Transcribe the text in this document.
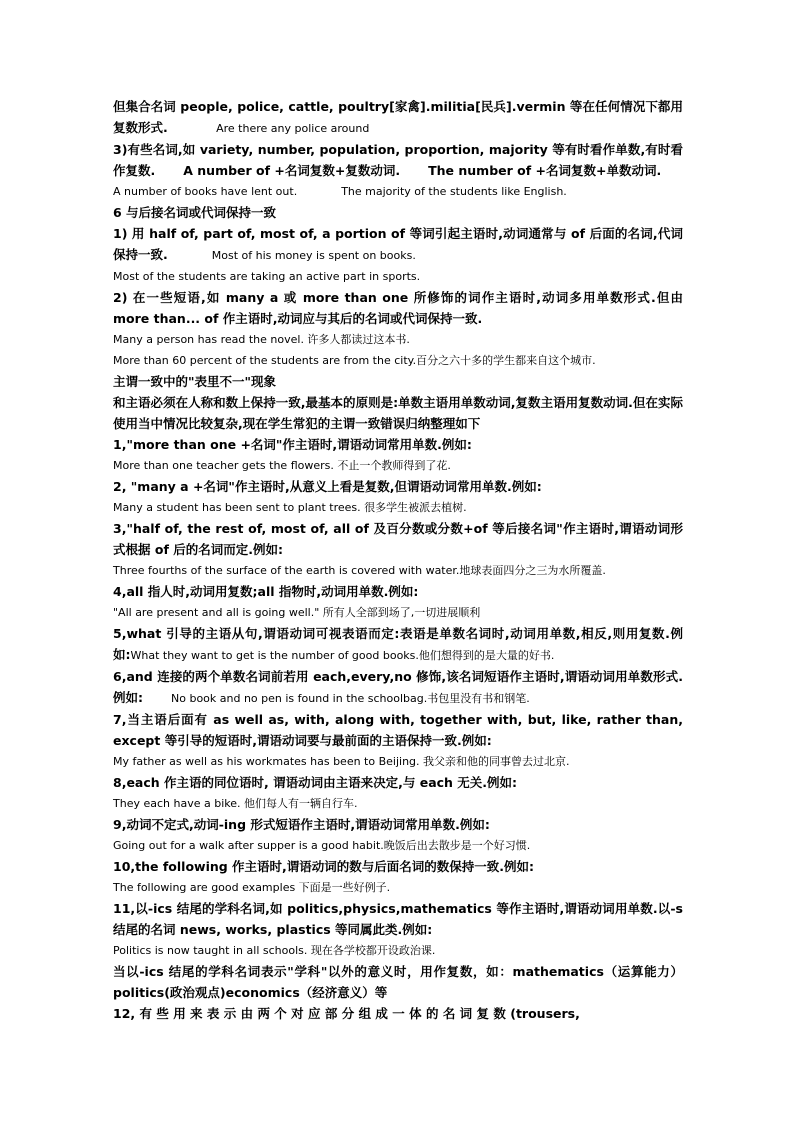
但集合名词 people, police, cattle, poultry[家禽].militia[民兵].vermin 等在任何情况下都用复数形式.	Are there any police around

3)有些名词,如 variety, number, population, proportion, majority 等有时看作单数,有时看作复数. A number of +名词复数+复数动词. The number of +名词复数+单数动词.

A number of books have lent out.	The majority of the students like English.

6 与后接名词或代词保持一致

1) 用 half of, part of, most of, a portion of 等词引起主语时,动词通常与 of 后面的名词,代词保持一致.	Most of his money is spent on books.

Most of the students are taking an active part in sports.

2) 在一些短语,如 many a 或 more than one 所修饰的词作主语时,动词多用单数形式.但由 more than... of 作主语时,动词应与其后的名词或代词保持一致.

Many a person has read the novel. 许多人都读过这本书.

More than 60 percent of the students are from the city.百分之六十多的学生都来自这个城市.

主谓一致中的"表里不一"现象

和主语必须在人称和数上保持一致,最基本的原则是:单数主语用单数动词,复数主语用复数动词.但在实际使用当中情况比较复杂,现在学生常犯的主谓一致错误归纳整理如下

1,"more than one +名词"作主语时,谓语动词常用单数.例如:

More than one teacher gets the flowers. 不止一个教师得到了花.

2, "many a +名词"作主语时,从意义上看是复数,但谓语动词常用单数.例如:

Many a student has been sent to plant trees. 很多学生被派去植树.

3,"half of, the rest of, most of, all of 及百分数或分数+of 等后接名词"作主语时,谓语动词形式根据 of 后的名词而定.例如:

Three fourths of the surface of the earth is covered with water.地球表面四分之三为水所覆盖.

4,all 指人时,动词用复数;all 指物时,动词用单数.例如:

"All are present and all is going well." 所有人全部到场了,一切进展顺利

5,what 引导的主语从句,谓语动词可视表语而定:表语是单数名词时,动词用单数,相反,则用复数.例如:What they want to get is the number of good books.他们想得到的是大量的好书.

6,and 连接的两个单数名词前若用 each,every,no 修饰,该名词短语作主语时,谓语动词用单数形式.例如:	No book and no pen is found in the schoolbag.书包里没有书和钢笔.

7,当主语后面有 as well as, with, along with, together with, but, like, rather than, except 等引导的短语时,谓语动词要与最前面的主语保持一致.例如:

My father as well as his workmates has been to Beijing. 我父亲和他的同事曾去过北京.

8,each 作主语的同位语时, 谓语动词由主语来决定,与 each 无关.例如:

They each have a bike. 他们每人有一辆自行车.

9,动词不定式,动词-ing 形式短语作主语时,谓语动词常用单数.例如:

Going out for a walk after supper is a good habit.晚饭后出去散步是一个好习惯.

10,the following 作主语时,谓语动词的数与后面名词的数保持一致.例如:

The following are good examples 下面是一些好例子.

11,以-ics 结尾的学科名词,如 politics,physics,mathematics 等作主语时,谓语动词用单数.以-s 结尾的名词 news, works, plastics 等同属此类.例如:

Politics is now taught in all schools. 现在各学校都开设政治课.

当以-ics 结尾的学科名词表示"学科"以外的意义时，用作复数，如：mathematics（运算能力）politics(政治观点)economics（经济意义）等

12, 有 些 用 来 表 示 由 两 个 对 应 部 分 组 成 一 体 的 名 词 复 数 (trousers,
